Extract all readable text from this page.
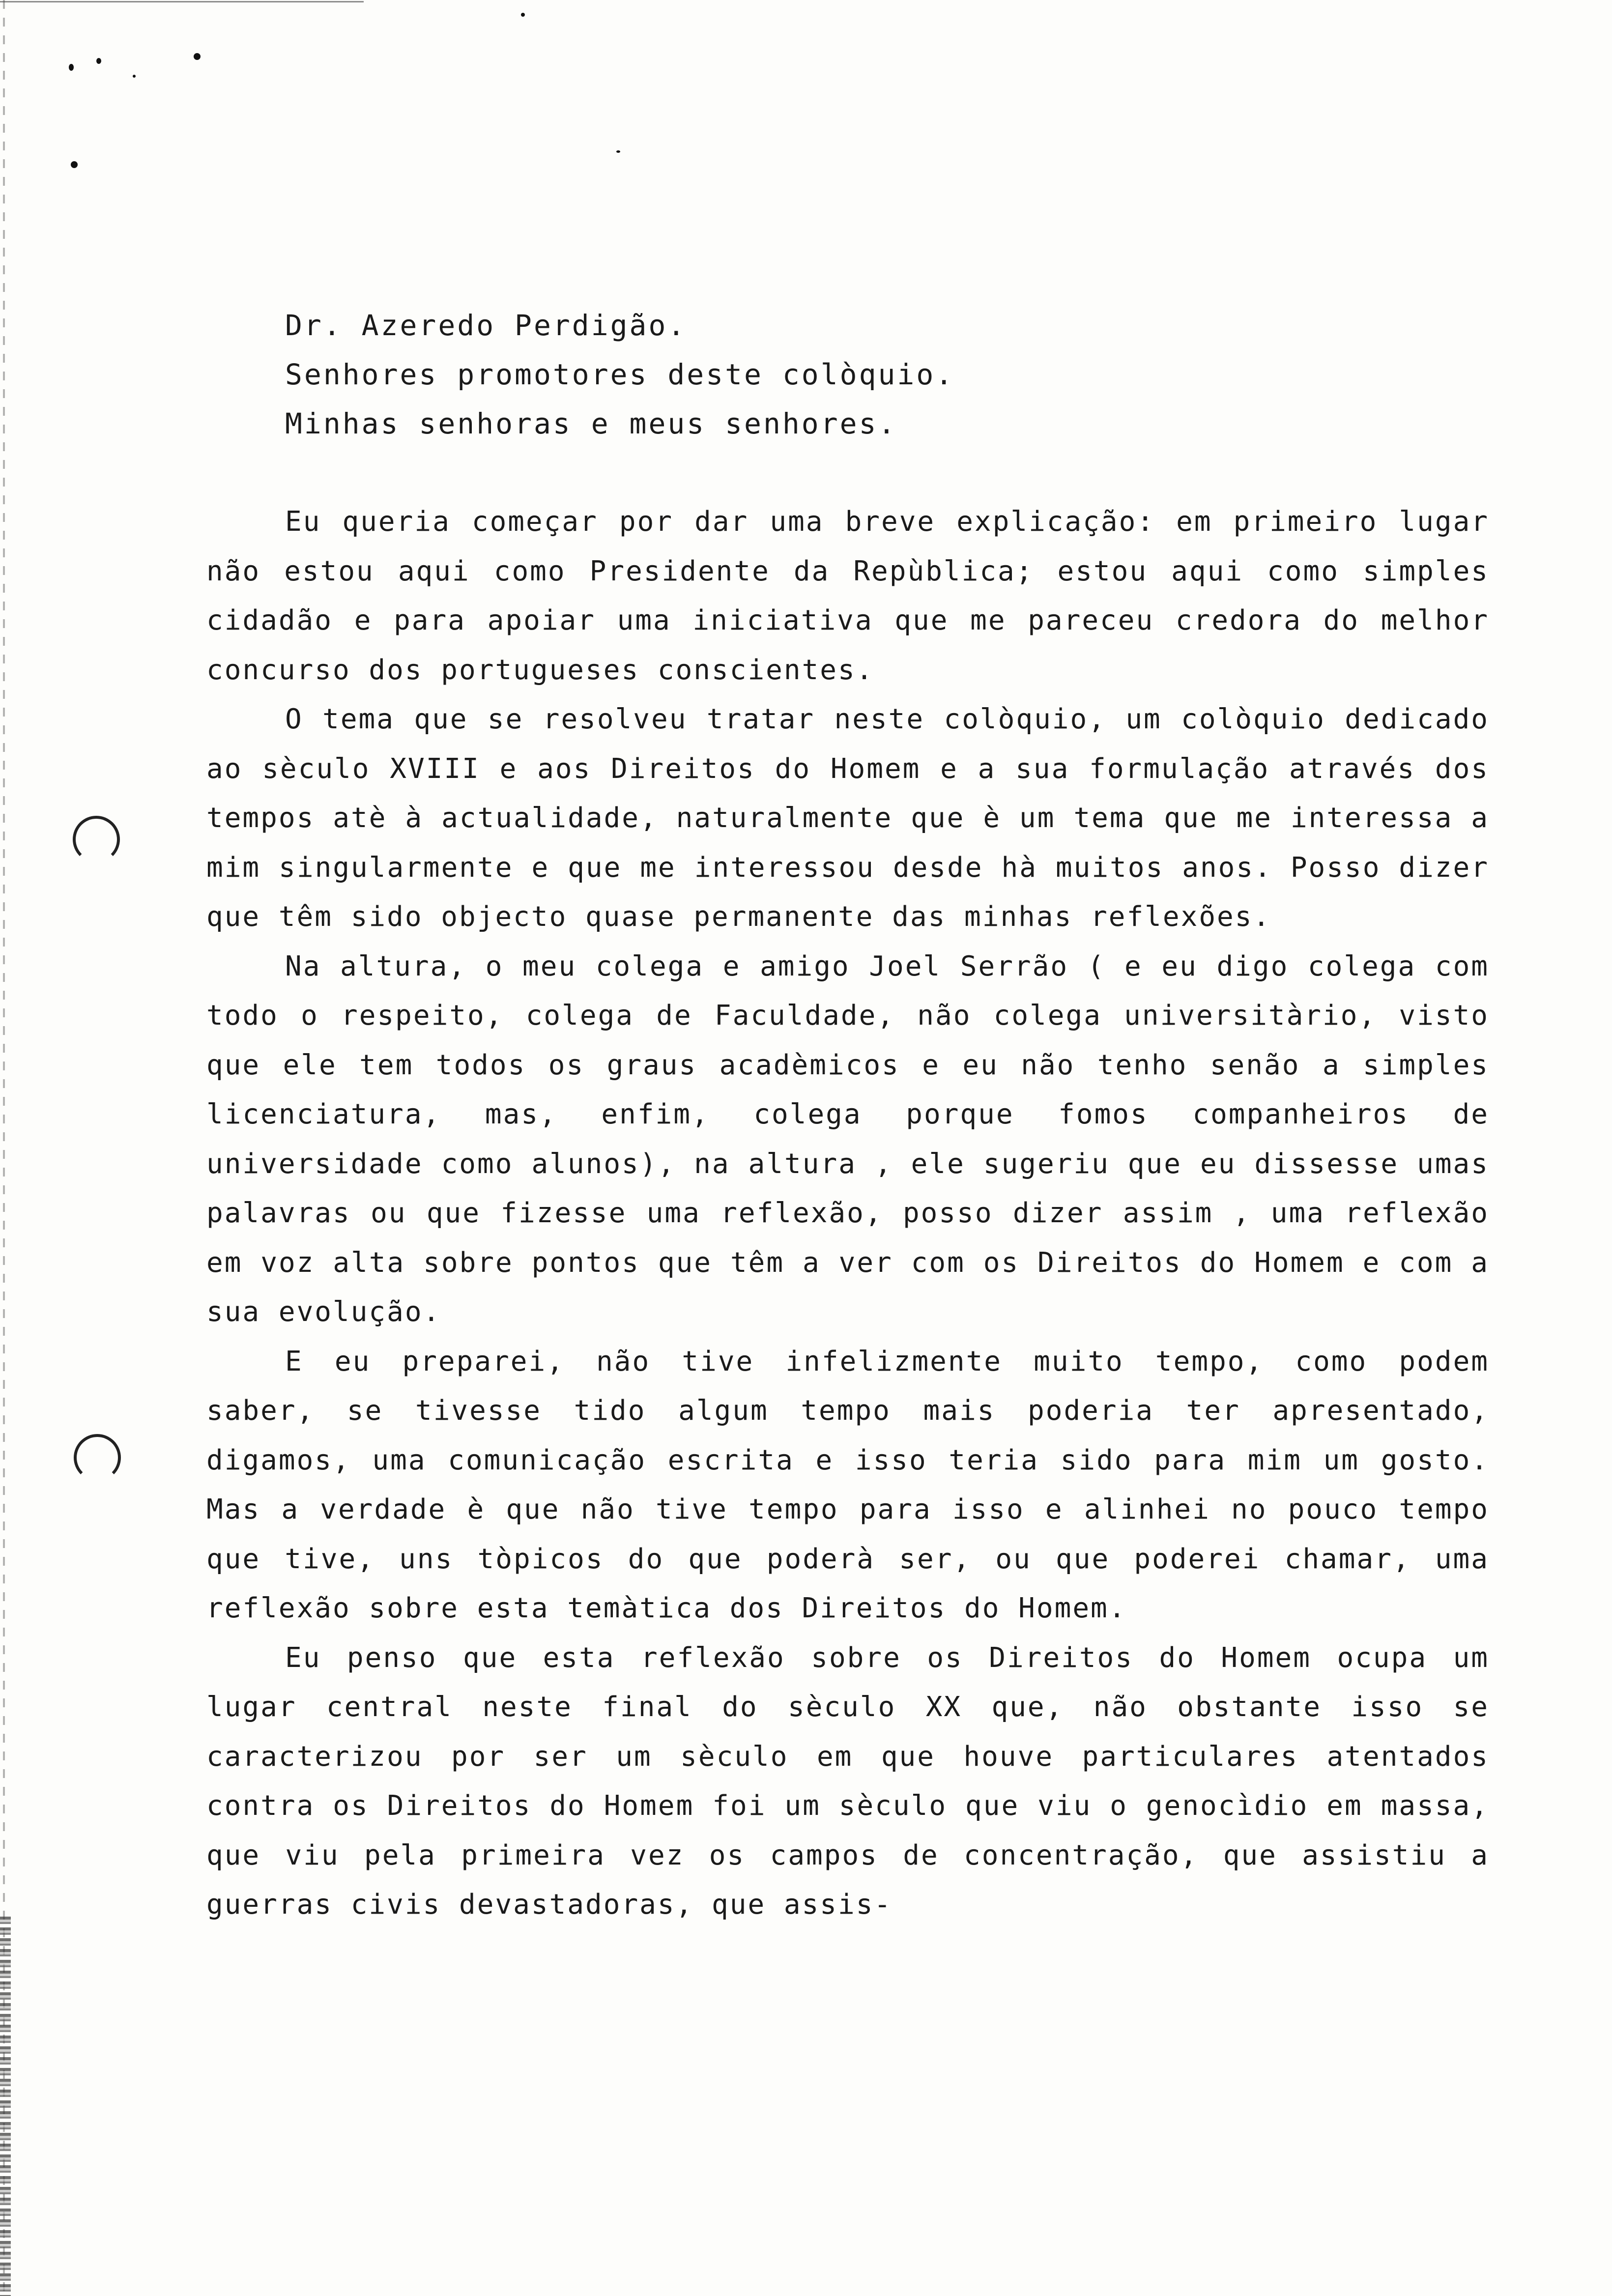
Dr. Azeredo Perdigão.
Senhores promotores deste colòquio.
Minhas senhoras e meus senhores.

Eu queria começar por dar uma breve explicação: em primeiro lugar não estou aqui como Presidente da Repùblica; estou aqui como simples cidadão e para apoiar uma iniciativa que me pareceu credora do melhor concurso dos portugueses conscientes.

O tema que se resolveu tratar neste colòquio, um colòquio dedicado ao sèculo XVIII e aos Direitos do Homem e a sua formulação através dos tempos atè à actualidade, naturalmente que è um tema que me interessa a mim singularmente e que me interessou desde hà muitos anos. Posso dizer que têm sido objecto quase permanente das minhas reflexões.

Na altura, o meu colega e amigo Joel Serrão ( e eu digo colega com todo o respeito, colega de Faculdade, não colega universitàrio, visto que ele tem todos os graus acadèmicos e eu não tenho senão a simples licenciatura, mas, enfim, colega porque fomos companheiros de universidade como alunos), na altura , ele sugeriu que eu dissesse umas palavras ou que fizesse uma reflexão, posso dizer assim , uma reflexão em voz alta sobre pontos que têm a ver com os Direitos do Homem e com a sua evolução.

E eu preparei, não tive infelizmente muito tempo, como podem saber, se tivesse tido algum tempo mais poderia ter apresentado, digamos, uma comunicação escrita e isso teria sido para mim um gosto. Mas a verdade è que não tive tempo para isso e alinhei no pouco tempo que tive, uns tòpicos do que poderà ser, ou que poderei chamar, uma reflexão sobre esta temàtica dos Direitos do Homem.

Eu penso que esta reflexão sobre os Direitos do Homem ocupa um lugar central neste final do sèculo XX que, não obstante isso se caracterizou por ser um sèculo em que houve particulares atentados contra os Direitos do Homem foi um sèculo que viu o genocìdio em massa, que viu pela primeira vez os campos de concentração, que assistiu a guerras civis devastadoras, que assis-
